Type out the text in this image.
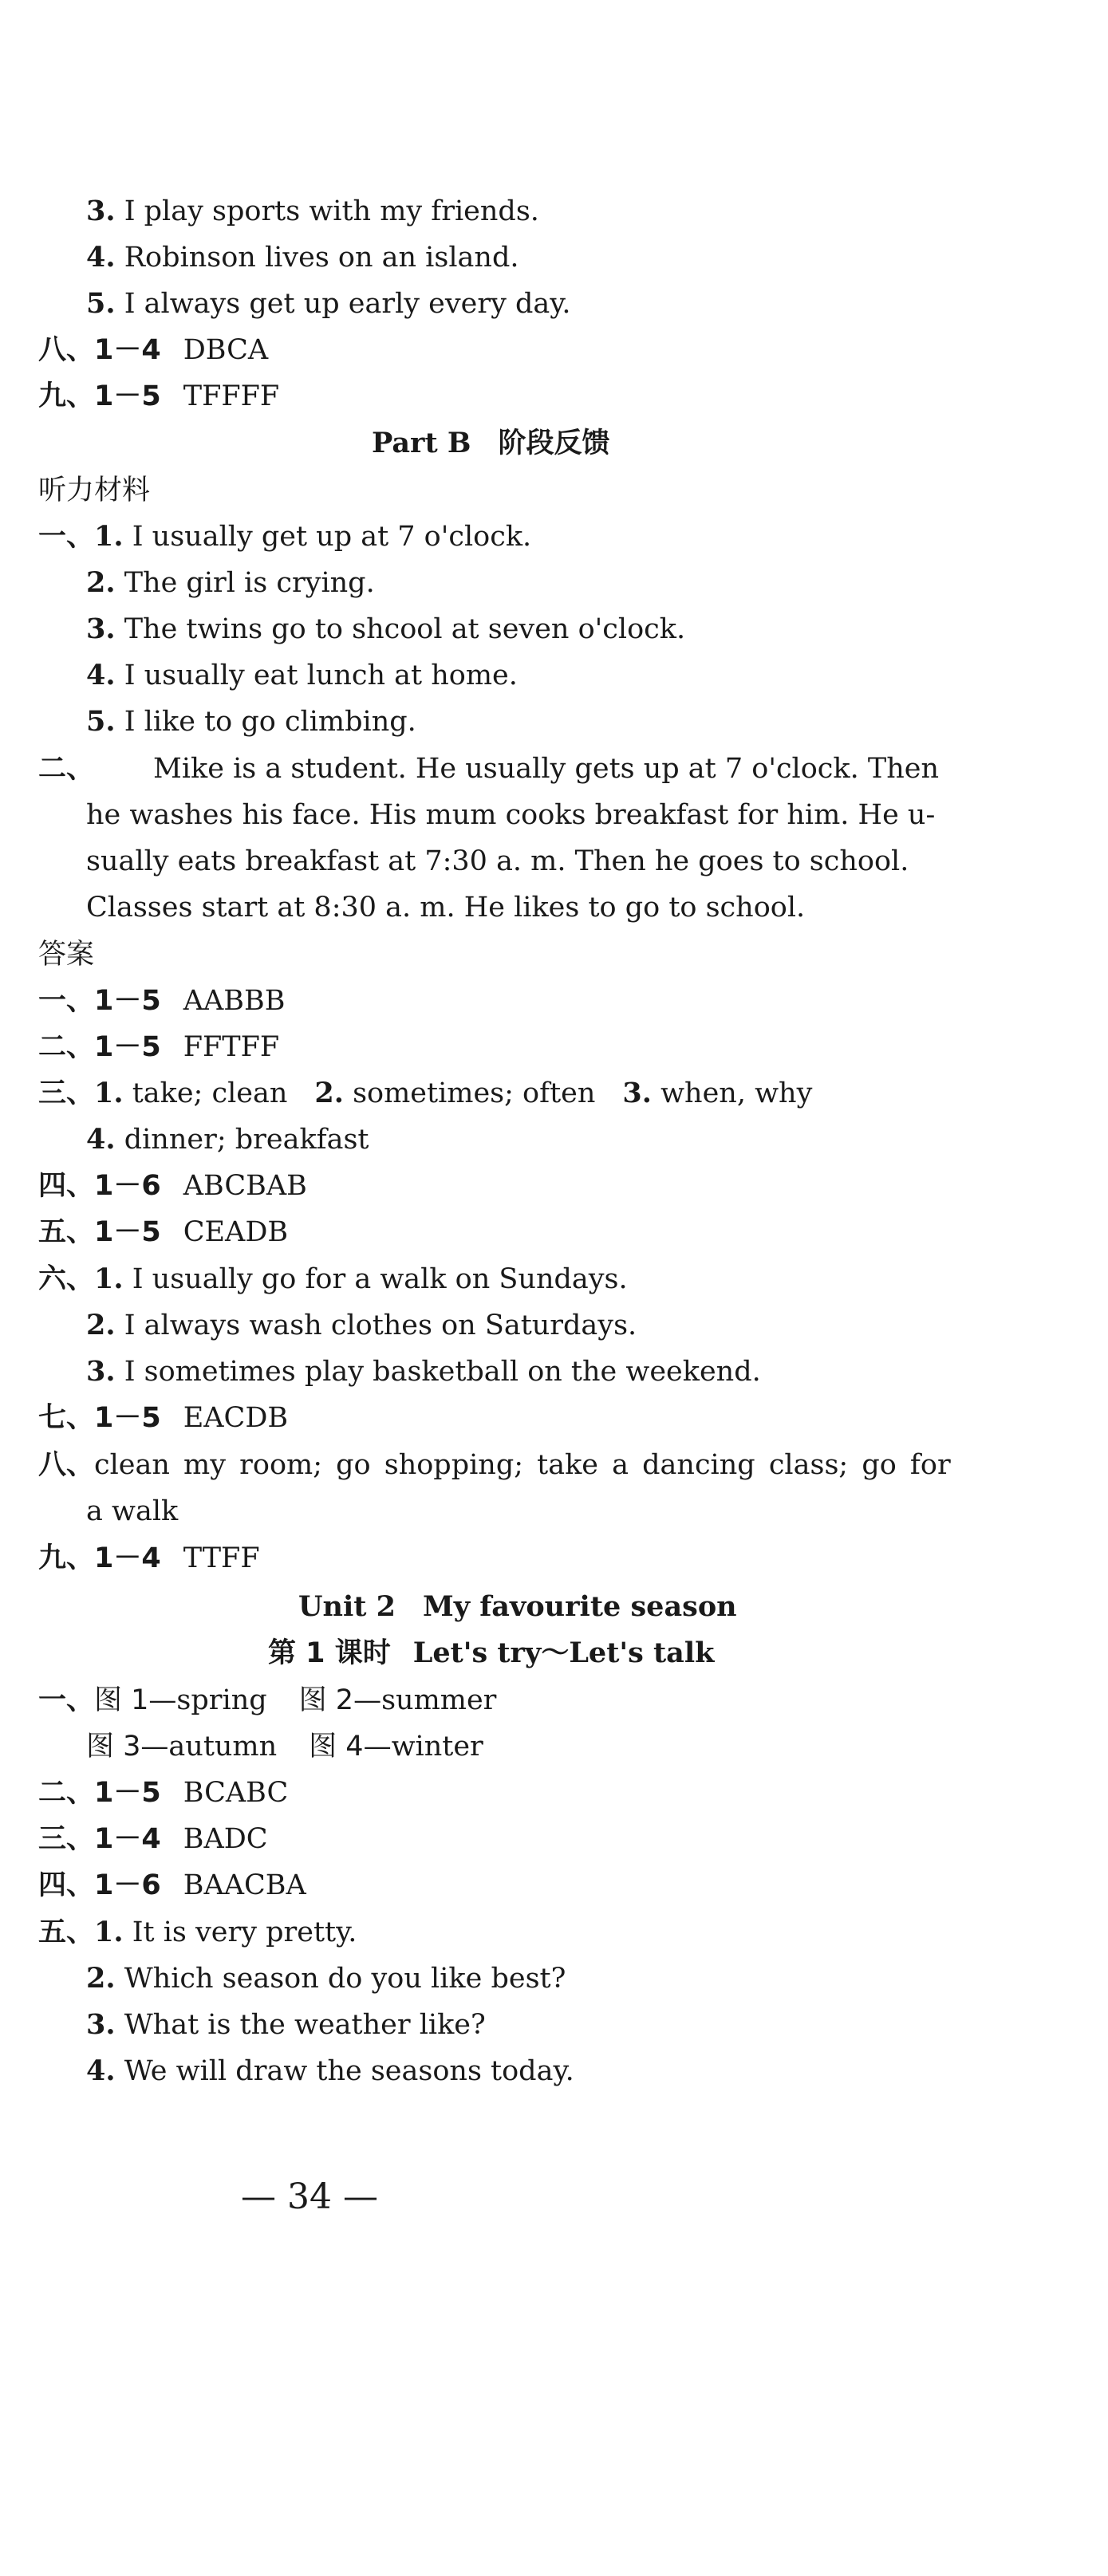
3. I play sports with my friends.
4. Robinson lives on an island.
5. I always get up early every day.
八、1－4 DBCA
九、1－5 TFFFF
Part B 阶段反馈
听力材料
一、1. I usually get up at 7 o'clock.
2. The girl is crying.
3. The twins go to shcool at seven o'clock.
4. I usually eat lunch at home.
5. I like to go climbing.
二、 Mike is a student. He usually gets up at 7 o'clock. Then
he washes his face. His mum cooks breakfast for him. He u-
sually eats breakfast at 7:30 a. m. Then he goes to school.
Classes start at 8:30 a. m. He likes to go to school.
答案
一、1－5 AABBB
二、1－5 FFTFF
三、1. take; clean 2. sometimes; often 3. when, why
4. dinner; breakfast
四、1－6 ABCBAB
五、1－5 CEADB
六、1. I usually go for a walk on Sundays.
2. I always wash clothes on Saturdays.
3. I sometimes play basketball on the weekend.
七、1－5 EACDB
八、clean my room; go shopping; take a dancing class; go for
a walk
九、1－4 TTFF
Unit 2 My favourite season
第 1 课时 Let's try～Let's talk
一、图 1—spring 图 2—summer
图 3—autumn 图 4—winter
二、1－5 BCABC
三、1－4 BADC
四、1－6 BAACBA
五、1. It is very pretty.
2. Which season do you like best?
3. What is the weather like?
4. We will draw the seasons today.
— 34 —
